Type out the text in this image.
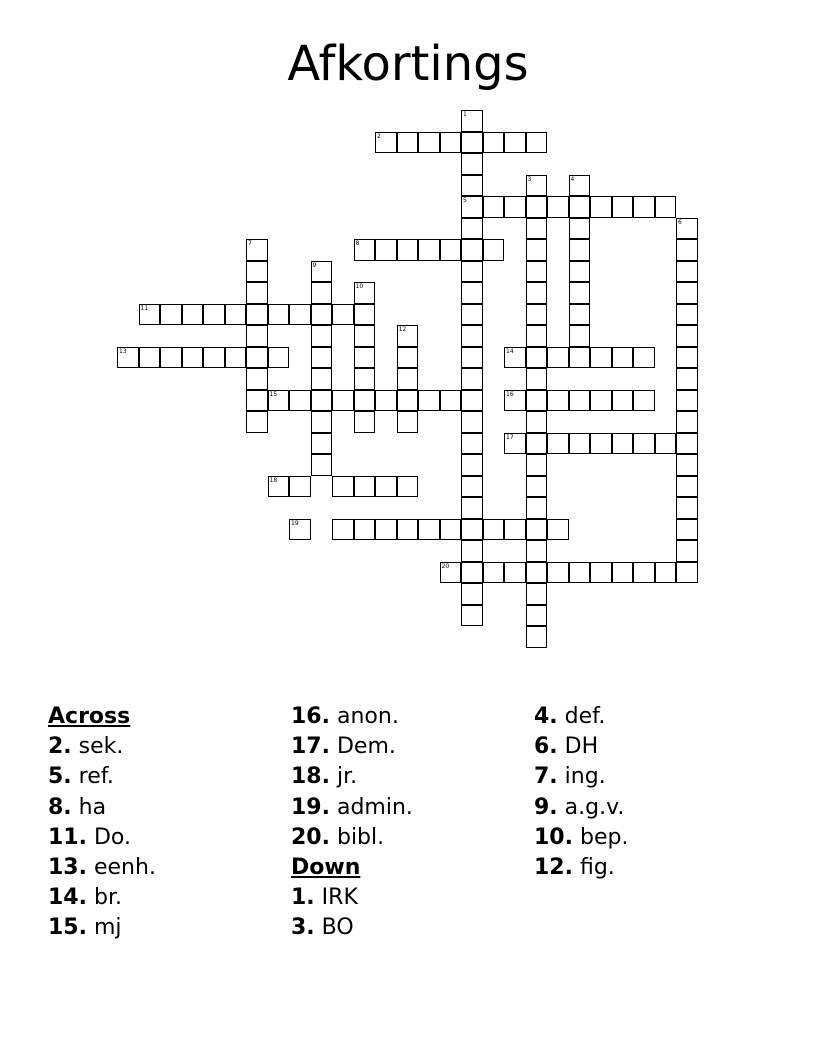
Afkortings
1
5
2
3	4
6
7	8
9
10
11
12
13	14
15	16
17
18
19
20
Across
2. sek.
5. ref.
8. ha
11. Do.
13. eenh.
14. br.
15. mj
16. anon.
17. Dem.
18. jr.
19. admin.
20. bibl.
Down
1. IRK
3. BO
4. def.
6. DH
7. ing.
9. a.g.v.
10. bep.
12. fig.
